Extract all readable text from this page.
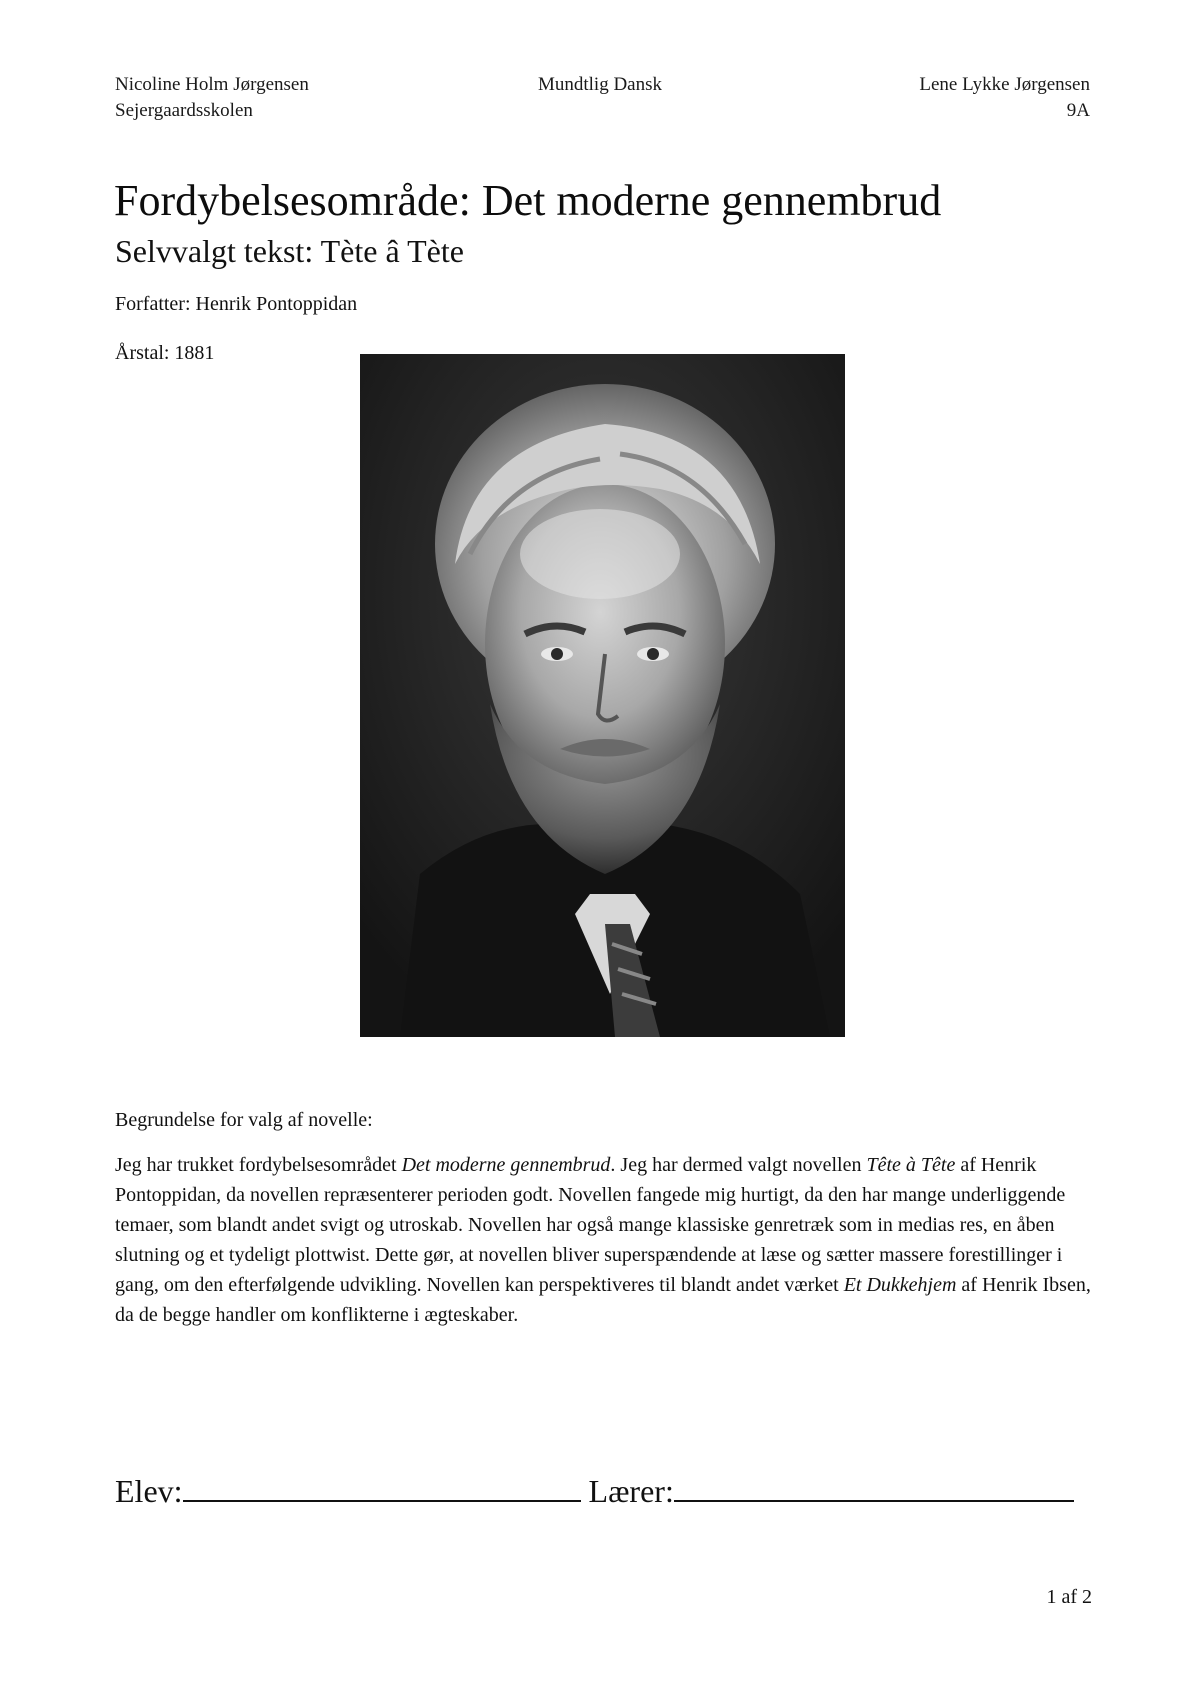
Nicoline Holm Jørgensen
Sejergaardsskolen
Mundtlig Dansk	Lene Lykke Jørgensen
9A
Fordybelsesområde: Det moderne gennembrud
Selvvalgt tekst: Tète â Tète
Forfatter: Henrik Pontoppidan
Årstal: 1881
Begrundelse for valg af novelle:
Jeg har trukket fordybelsesområdet Det moderne gennembrud. Jeg har dermed valgt novellen Tête à Tête af Henrik Pontoppidan, da novellen repræsenterer perioden godt. Novellen fangede mig hurtigt, da den har mange underliggende temaer, som blandt andet svigt og utroskab. Novellen har også mange klassiske genretræk som in medias res, en åben slutning og et tydeligt plottwist. Dette gør, at novellen bliver superspændende at læse og sætter massere forestillinger i gang, om den efterfølgende udvikling. Novellen kan perspektiveres til blandt andet værket Et Dukkehjem af Henrik Ibsen, da de begge handler om konflikterne i ægteskaber.
Elev:	Lærer:
1 af 2
